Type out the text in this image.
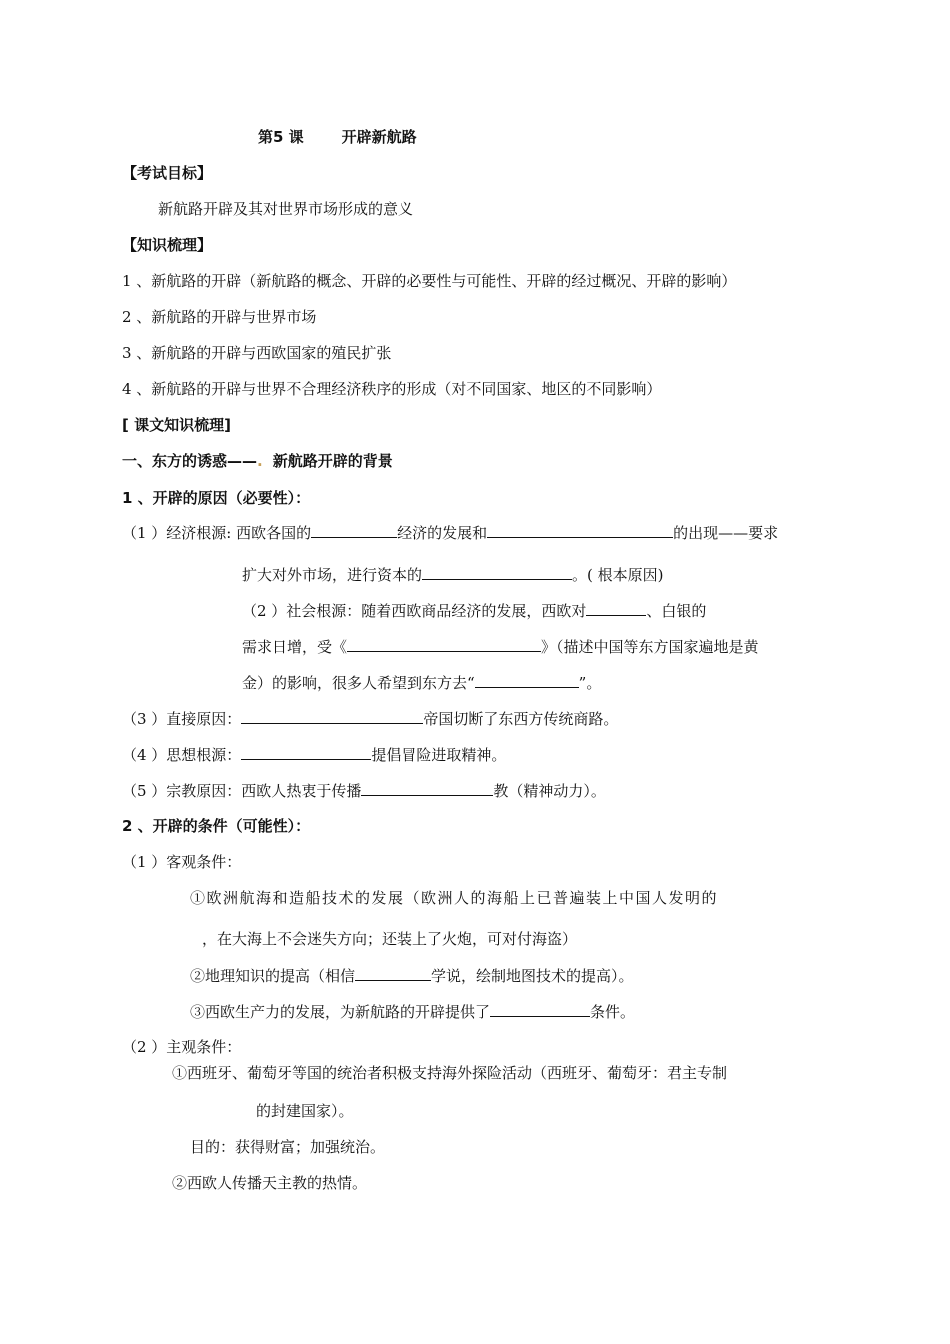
第5 课	开辟新航路
【考试目标】
新航路开辟及其对世界市场形成的意义
【知识梳理】
1 、新航路的开辟（新航路的概念、开辟的必要性与可能性、开辟的经过概况、开辟的影响）
2 、新航路的开辟与世界市场
3 、新航路的开辟与西欧国家的殖民扩张
4 、新航路的开辟与世界不合理经济秩序的形成（对不同国家、地区的不同影响）
[ 课文知识梳理]
一、东方的诱惑——. 新航路开辟的背景
1 、开辟的原因（必要性）：
（1 ）经济根源: 西欧各国的	经济的发展和	的出现——要求
扩大对外市场，进行资本的	。( 根本原因)
（2 ）社会根源：随着西欧商品经济的发展，西欧对	、白银的
需求日增，受《	》（描述中国等东方国家遍地是黄
金）的影响，很多人希望到东方去“	”。
（3 ）直接原因：	帝国切断了东西方传统商路。
（4 ）思想根源：	提倡冒险进取精神。
（5 ）宗教原因：西欧人热衷于传播	教（精神动力）。
2 、开辟的条件（可能性）：
（1 ）客观条件：
①欧洲航海和造船技术的发展（欧洲人的海船上已普遍装上中国人发明的
，在大海上不会迷失方向；还装上了火炮，可对付海盗）
②地理知识的提高（相信	学说，绘制地图技术的提高）。
③西欧生产力的发展，为新航路的开辟提供了	条件。
（2 ）主观条件：
①西班牙、葡萄牙等国的统治者积极支持海外探险活动（西班牙、葡萄牙：君主专制
的封建国家）。
目的：获得财富；加强统治。
②西欧人传播天主教的热情。
